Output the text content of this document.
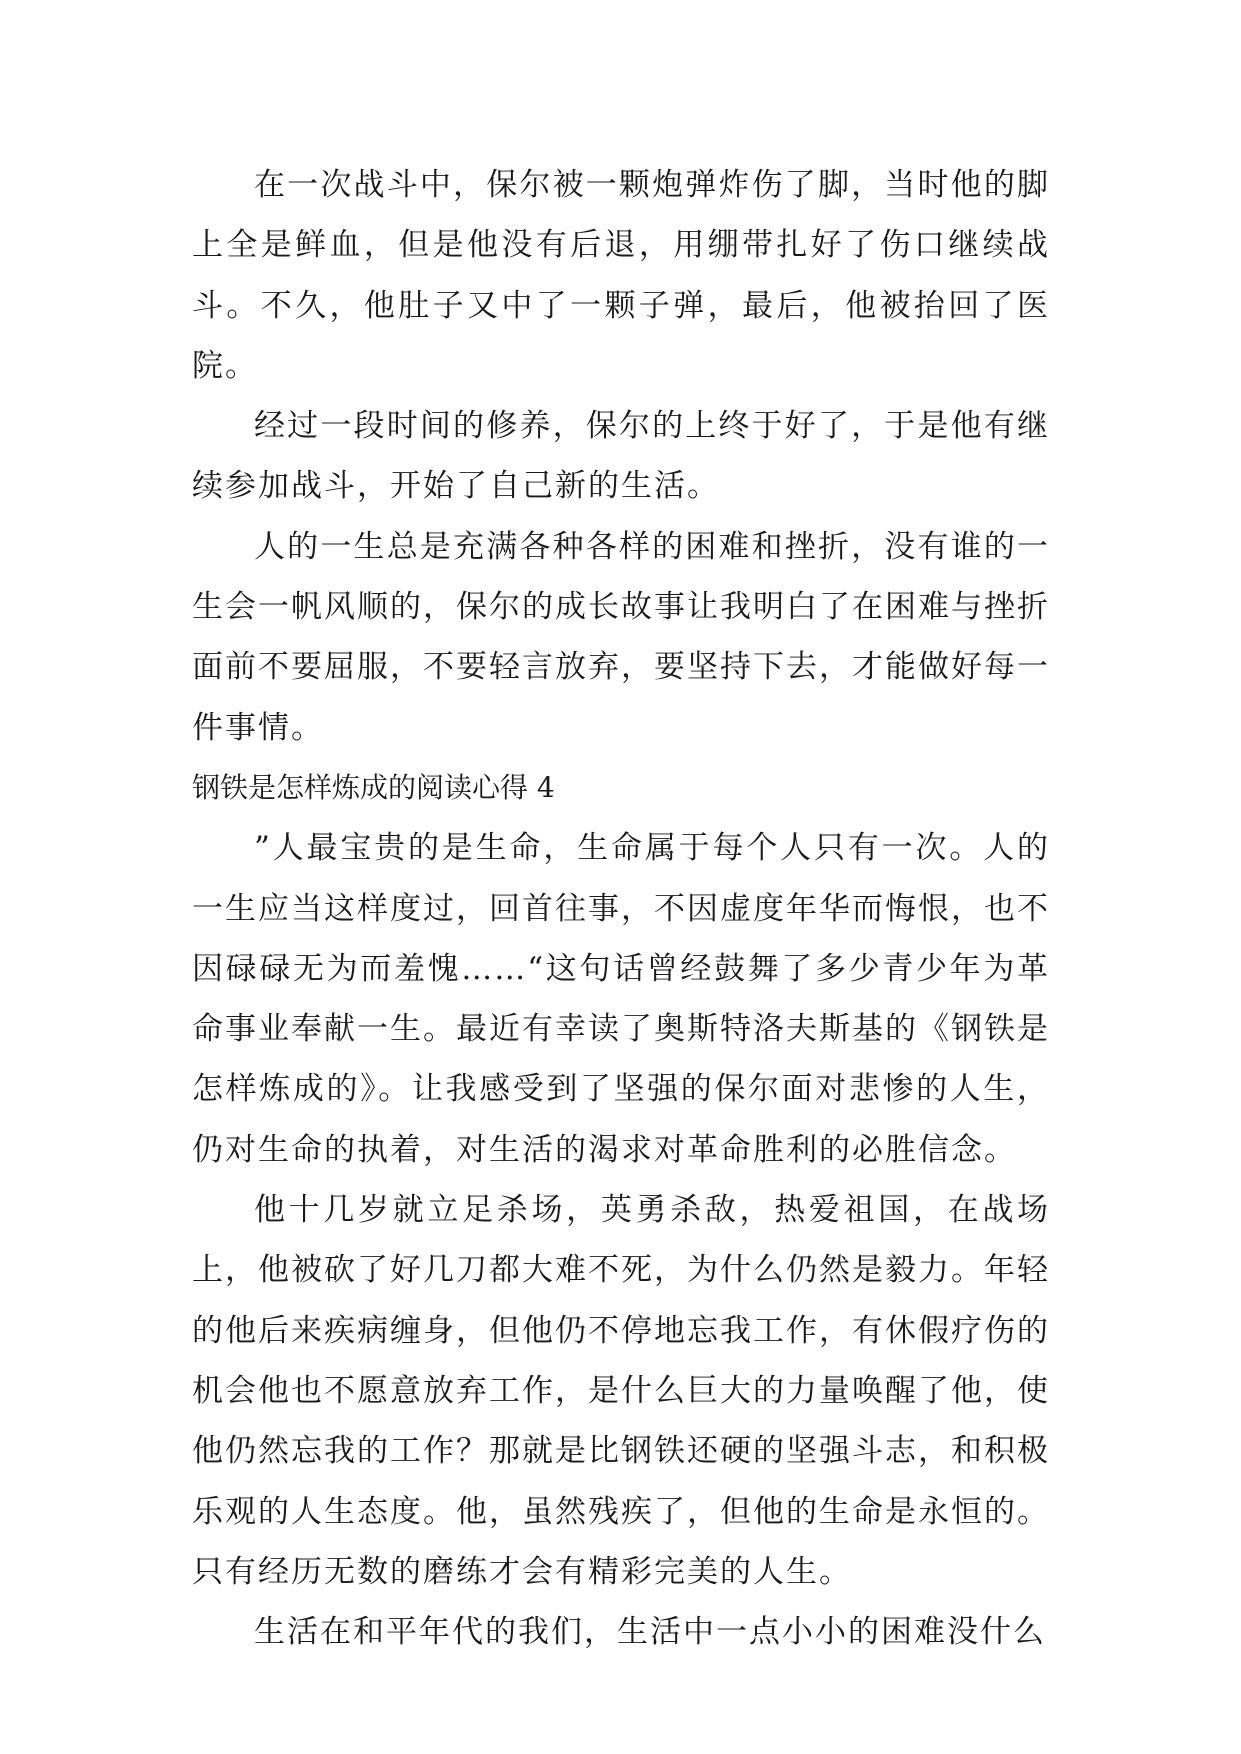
在一次战斗中，保尔被一颗炮弹炸伤了脚，当时他的脚上全是鲜血，但是他没有后退，用绷带扎好了伤口继续战斗。不久，他肚子又中了一颗子弹，最后，他被抬回了医院。

经过一段时间的修养，保尔的上终于好了，于是他有继续参加战斗，开始了自己新的生活。

人的一生总是充满各种各样的困难和挫折，没有谁的一生会一帆风顺的，保尔的成长故事让我明白了在困难与挫折面前不要屈服，不要轻言放弃，要坚持下去，才能做好每一件事情。

钢铁是怎样炼成的阅读心得 4

”人最宝贵的是生命，生命属于每个人只有一次。人的一生应当这样度过，回首往事，不因虚度年华而悔恨，也不因碌碌无为而羞愧……“这句话曾经鼓舞了多少青少年为革命事业奉献一生。最近有幸读了奥斯特洛夫斯基的《钢铁是怎样炼成的》。让我感受到了坚强的保尔面对悲惨的人生，仍对生命的执着，对生活的渴求对革命胜利的必胜信念。

他十几岁就立足杀场，英勇杀敌，热爱祖国，在战场上，他被砍了好几刀都大难不死，为什么仍然是毅力。年轻的他后来疾病缠身，但他仍不停地忘我工作，有休假疗伤的机会他也不愿意放弃工作，是什么巨大的力量唤醒了他，使他仍然忘我的工作？那就是比钢铁还硬的坚强斗志，和积极乐观的人生态度。他，虽然残疾了，但他的生命是永恒的。只有经历无数的磨练才会有精彩完美的人生。

生活在和平年代的我们，生活中一点小小的困难没什么
